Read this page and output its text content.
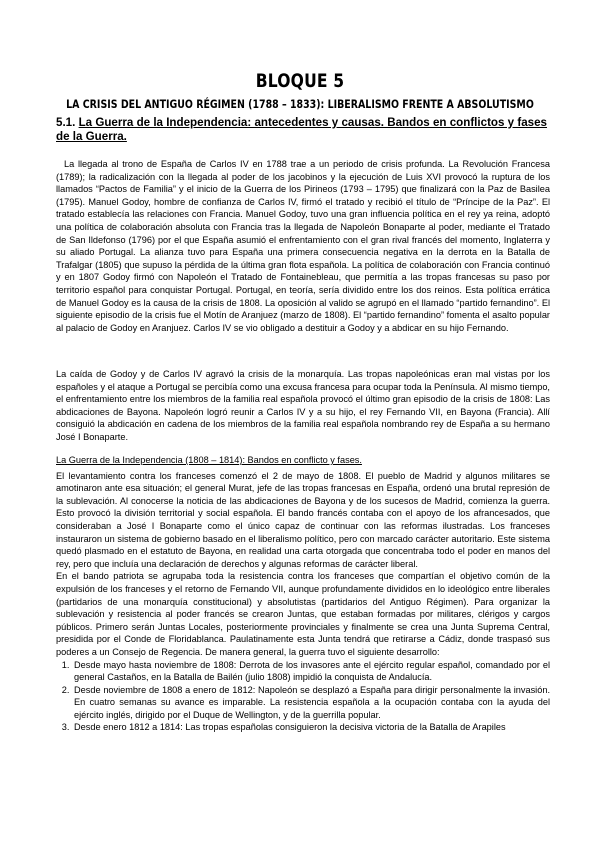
BLOQUE 5
LA CRISIS DEL ANTIGUO RÉGIMEN (1788 – 1833): LIBERALISMO FRENTE A ABSOLUTISMO
5.1. La Guerra de la Independencia: antecedentes y causas. Bandos en conflictos y fases de la Guerra.

La llegada al trono de España de Carlos IV en 1788 trae a un periodo de crisis profunda. La Revolución Francesa (1789); la radicalización con la llegada al poder de los jacobinos y la ejecución de Luis XVI provocó la ruptura de los llamados “Pactos de Familia” y el inicio de la Guerra de los Pirineos (1793 – 1795) que finalizará con la Paz de Basilea (1795). Manuel Godoy, hombre de confianza de Carlos IV, firmó el tratado y recibió el título de “Príncipe de la Paz”. El tratado establecía las relaciones con Francia. Manuel Godoy, tuvo una gran influencia política en el rey ya reina, adoptó una política de colaboración absoluta con Francia tras la llegada de Napoleón Bonaparte al poder, mediante el Tratado de San Ildefonso (1796) por el que España asumió el enfrentamiento con el gran rival francés del momento, Inglaterra y su aliado Portugal. La alianza tuvo para España una primera consecuencia negativa en la derrota en la Batalla de Trafalgar (1805) que supuso la pérdida de la última gran flota española. La política de colaboración con Francia continuó y en 1807 Godoy firmó con Napoleón el Tratado de Fontainebleau, que permitía a las tropas francesas su paso por territorio español para conquistar Portugal. Portugal, en teoría, sería dividido entre los dos reinos. Esta política errática de Manuel Godoy es la causa de la crisis de 1808. La oposición al valido se agrupó en el llamado “partido fernandino”. El siguiente episodio de la crisis fue el Motín de Aranjuez (marzo de 1808). El “partido fernandino” fomenta el asalto popular al palacio de Godoy en Aranjuez. Carlos IV se vio obligado a destituir a Godoy y a abdicar en su hijo Fernando.

La caída de Godoy y de Carlos IV agravó la crisis de la monarquía. Las tropas napoleónicas eran mal vistas por los españoles y el ataque a Portugal se percibía como una excusa francesa para ocupar toda la Península. Al mismo tiempo, el enfrentamiento entre los miembros de la familia real española provocó el último gran episodio de la crisis de 1808: Las abdicaciones de Bayona. Napoleón logró reunir a Carlos IV y a su hijo, el rey Fernando VII, en Bayona (Francia). Allí consiguió la abdicación en cadena de los miembros de la familia real española nombrando rey de España a su hermano José I Bonaparte.

La Guerra de la Independencia (1808 – 1814): Bandos en conflicto y fases.

El levantamiento contra los franceses comenzó el 2 de mayo de 1808. El pueblo de Madrid y algunos militares se amotinaron ante esa situación; el general Murat, jefe de las tropas francesas en España, ordenó una brutal represión de la sublevación. Al conocerse la noticia de las abdicaciones de Bayona y de los sucesos de Madrid, comienza la guerra. Esto provocó la división territorial y social española. El bando francés contaba con el apoyo de los afrancesados, que consideraban a José I Bonaparte como el único capaz de continuar con las reformas ilustradas. Los franceses instauraron un sistema de gobierno basado en el liberalismo político, pero con marcado carácter autoritario. Este sistema quedó plasmado en el estatuto de Bayona, en realidad una carta otorgada que concentraba todo el poder en manos del rey, pero que incluía una declaración de derechos y algunas reformas de carácter liberal.

En el bando patriota se agrupaba toda la resistencia contra los franceses que compartían el objetivo común de la expulsión de los franceses y el retorno de Fernando VII, aunque profundamente divididos en lo ideológico entre liberales (partidarios de una monarquía constitucional) y absolutistas (partidarios del Antiguo Régimen). Para organizar la sublevación y resistencia al poder francés se crearon Juntas, que estaban formadas por militares, clérigos y cargos públicos. Primero serán Juntas Locales, posteriormente provinciales y finalmente se crea una Junta Suprema Central, presidida por el Conde de Floridablanca. Paulatinamente esta Junta tendrá que retirarse a Cádiz, donde traspasó sus poderes a un Consejo de Regencia. De manera general, la guerra tuvo el siguiente desarrollo:

1. Desde mayo hasta noviembre de 1808: Derrota de los invasores ante el ejército regular español, comandado por el general Castaños, en la Batalla de Bailén (julio 1808) impidió la conquista de Andalucía.
2. Desde noviembre de 1808 a enero de 1812: Napoleón se desplazó a España para dirigir personalmente la invasión. En cuatro semanas su avance es imparable. La resistencia española a la ocupación contaba con la ayuda del ejército inglés, dirigido por el Duque de Wellington, y de la guerrilla popular.
3. Desde enero 1812 a 1814: Las tropas españolas consiguieron la decisiva victoria de la Batalla de Arapiles
